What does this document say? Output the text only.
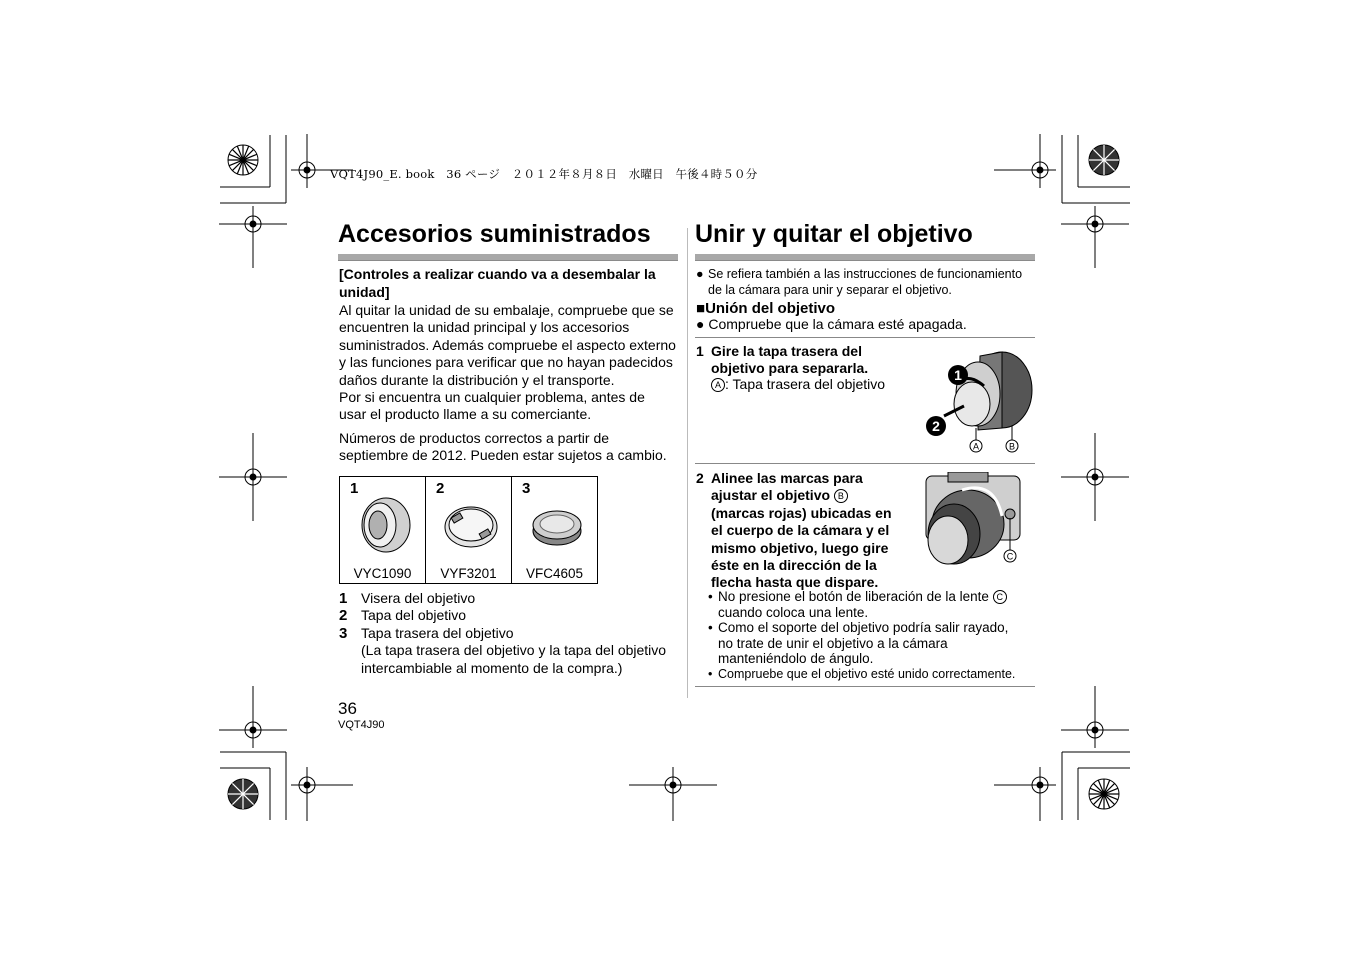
VQT4J90_E. book　36 ページ　２０１２年８月８日　水曜日　午後４時５０分
Accesorios suministrados
[Controles a realizar cuando va a desembalar la
unidad]
Al quitar la unidad de su embalaje, compruebe que se
encuentren la unidad principal y los accesorios
suministrados. Además compruebe el aspecto externo
y las funciones para verificar que no hayan padecidos
daños durante la distribución y el transporte.
Por si encuentra un cualquier problema, antes de
usar el producto llame a su comerciante.
Números de productos correctos a partir de
septiembre de 2012. Pueden estar sujetos a cambio.
1
VYC1090

2
VYF3201

3
VFC4605
1 Visera del objetivo
2 Tapa del objetivo
3 Tapa trasera del objetivo
(La tapa trasera del objetivo y la tapa del objetivo
intercambiable al momento de la compra.)
36
VQT4J90
Unir y quitar el objetivo
● Se refiera también a las instrucciones de funcionamiento
de la cámara para unir y separar el objetivo.
■Unión del objetivo
● Compruebe que la cámara esté apagada.
1 Gire la tapa trasera del
objetivo para separarla.
A : Tapa trasera del objetivo
1
2
A	B
2 Alinee las marcas para
ajustar el objetivo B
(marcas rojas) ubicadas en
el cuerpo de la cámara y el
mismo objetivo, luego gire
éste en la dirección de la
flecha hasta que dispare.
C
• No presione el botón de liberación de la lente C
cuando coloca una lente.
• Como el soporte del objetivo podría salir rayado,
no trate de unir el objetivo a la cámara
manteniéndolo de ángulo.
• Compruebe que el objetivo esté unido correctamente.
